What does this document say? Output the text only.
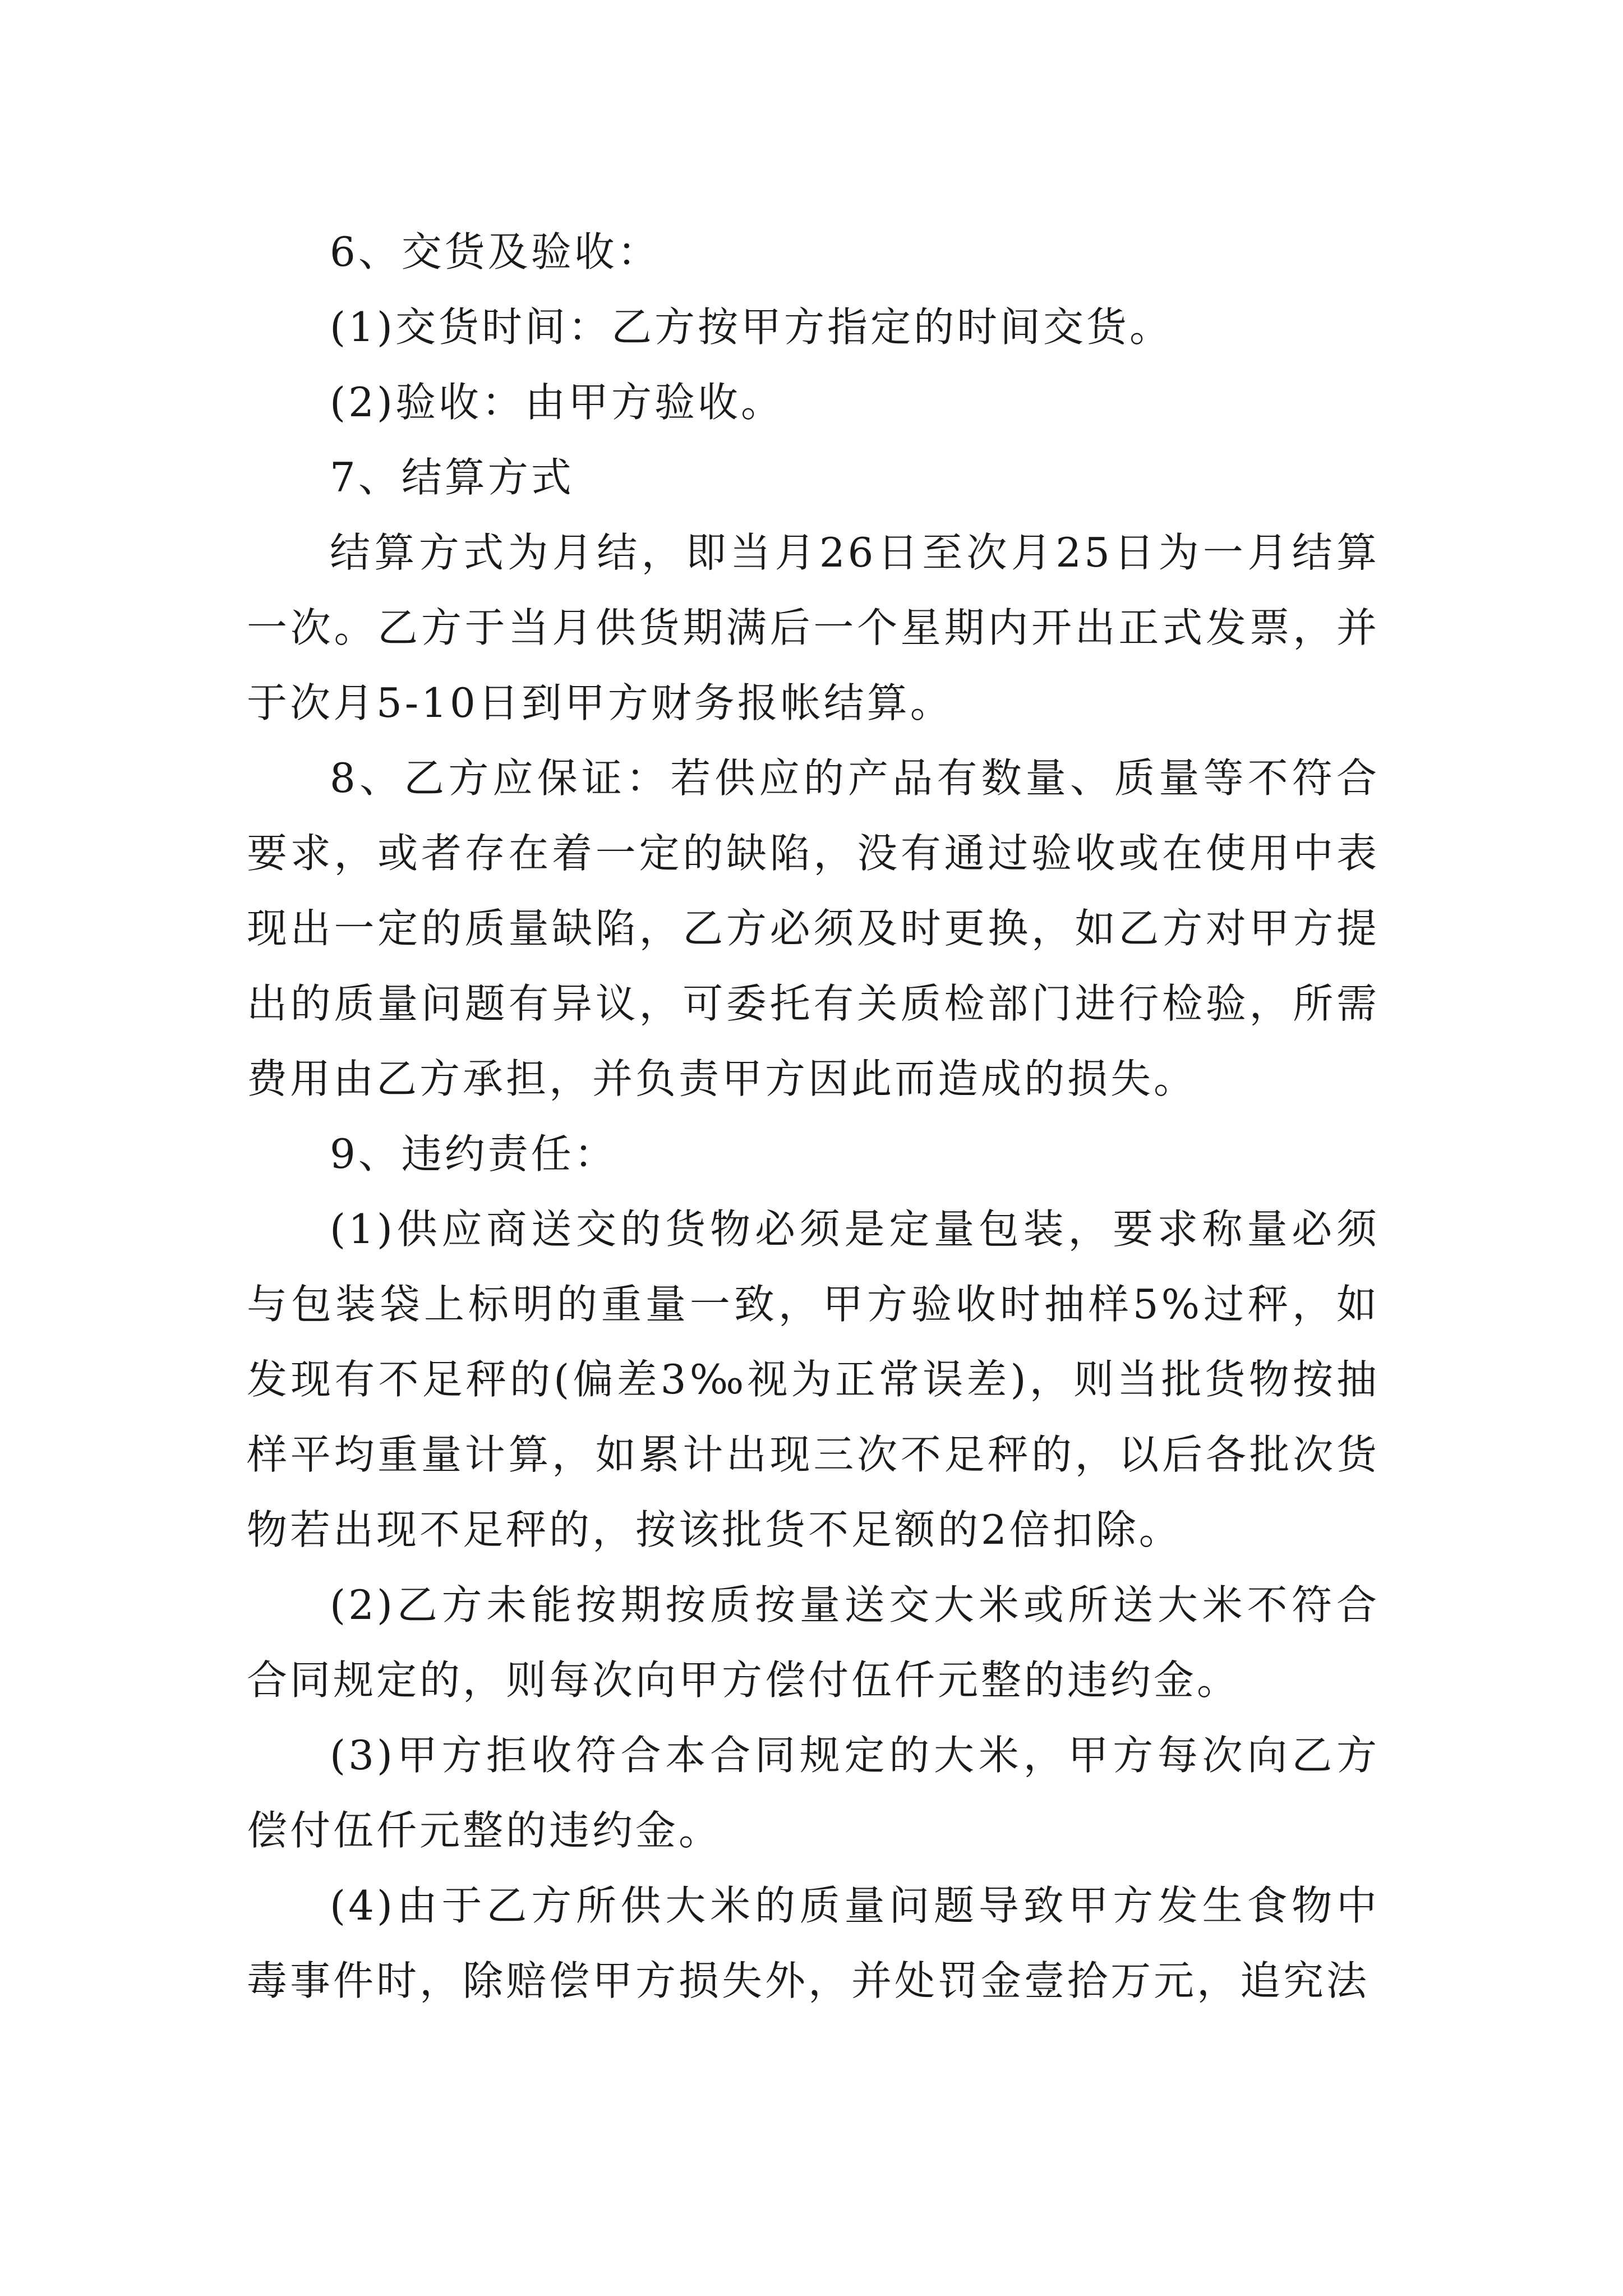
6、交货及验收：

(1)交货时间：乙方按甲方指定的时间交货。

(2)验收：由甲方验收。

7、结算方式

结算方式为月结，即当月26日至次月25日为一月结算一次。乙方于当月供货期满后一个星期内开出正式发票，并于次月5-10日到甲方财务报帐结算。

8、乙方应保证：若供应的产品有数量、质量等不符合要求，或者存在着一定的缺陷，没有通过验收或在使用中表现出一定的质量缺陷，乙方必须及时更换，如乙方对甲方提出的质量问题有异议，可委托有关质检部门进行检验，所需费用由乙方承担，并负责甲方因此而造成的损失。

9、违约责任：

(1)供应商送交的货物必须是定量包装，要求称量必须与包装袋上标明的重量一致，甲方验收时抽样5%过秤，如发现有不足秤的(偏差3‰视为正常误差)，则当批货物按抽样平均重量计算，如累计出现三次不足秤的，以后各批次货物若出现不足秤的，按该批货不足额的2倍扣除。

(2)乙方未能按期按质按量送交大米或所送大米不符合合同规定的，则每次向甲方偿付伍仟元整的违约金。

(3)甲方拒收符合本合同规定的大米，甲方每次向乙方偿付伍仟元整的违约金。

(4)由于乙方所供大米的质量问题导致甲方发生食物中毒事件时，除赔偿甲方损失外，并处罚金壹拾万元，追究法
